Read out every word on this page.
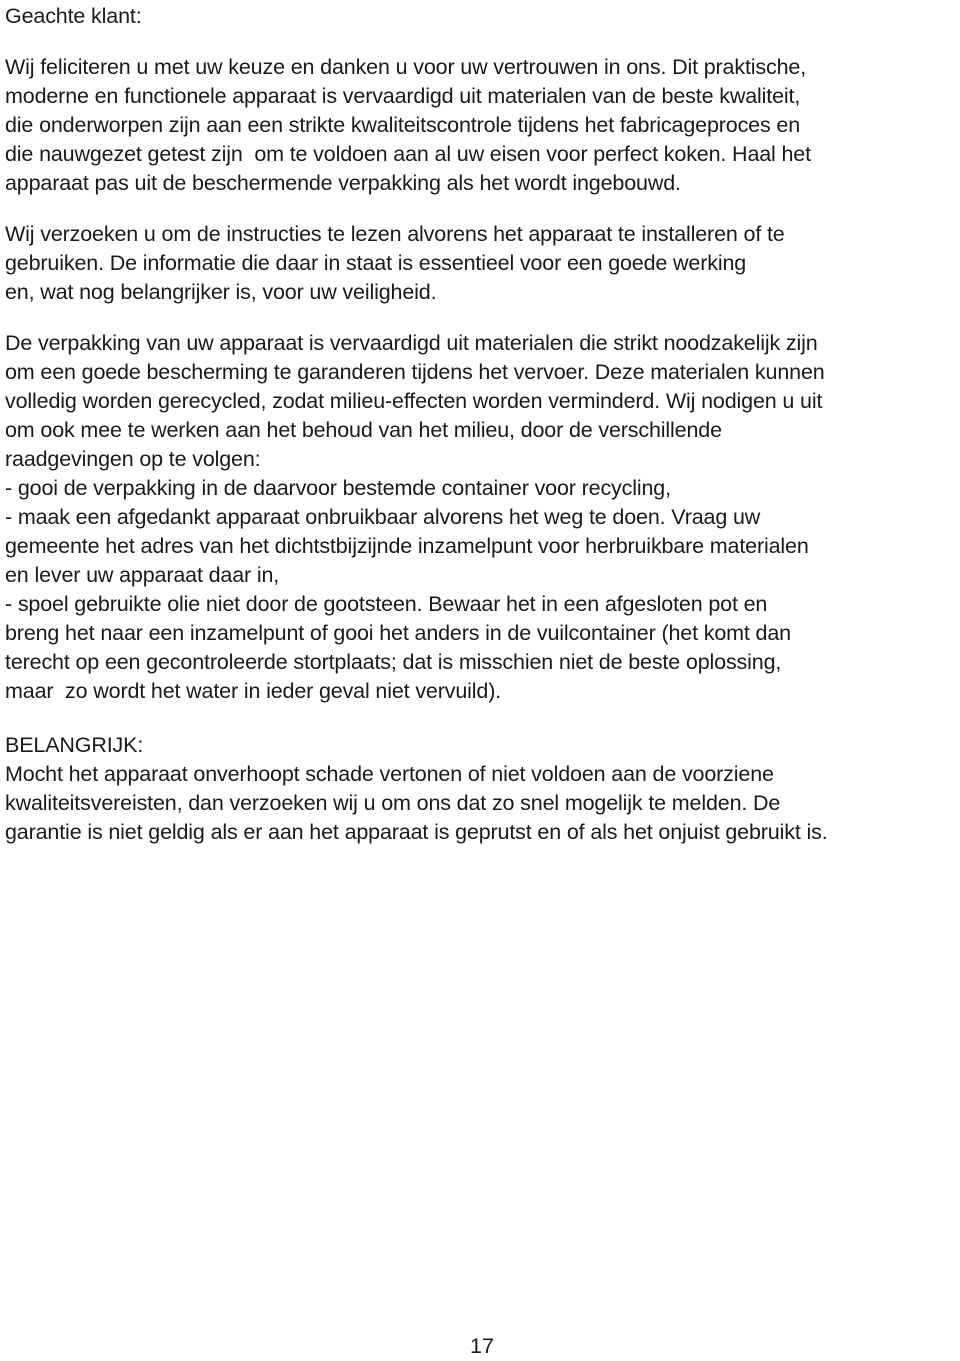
Geachte klant:
Wij feliciteren u met uw keuze en danken u voor uw vertrouwen in ons. Dit praktische,
moderne en functionele apparaat is vervaardigd uit materialen van de beste kwaliteit,
die onderworpen zijn aan een strikte kwaliteitscontrole tijdens het fabricageproces en
die nauwgezet getest zijn  om te voldoen aan al uw eisen voor perfect koken. Haal het
apparaat pas uit de beschermende verpakking als het wordt ingebouwd.
Wij verzoeken u om de instructies te lezen alvorens het apparaat te installeren of te
gebruiken. De informatie die daar in staat is essentieel voor een goede werking
en, wat nog belangrijker is, voor uw veiligheid.
De verpakking van uw apparaat is vervaardigd uit materialen die strikt noodzakelijk zijn
om een goede bescherming te garanderen tijdens het vervoer. Deze materialen kunnen
volledig worden gerecycled, zodat milieu-effecten worden verminderd. Wij nodigen u uit
om ook mee te werken aan het behoud van het milieu, door de verschillende
raadgevingen op te volgen:
- gooi de verpakking in de daarvoor bestemde container voor recycling,
- maak een afgedankt apparaat onbruikbaar alvorens het weg te doen. Vraag uw
gemeente het adres van het dichtstbijzijnde inzamelpunt voor herbruikbare materialen
en lever uw apparaat daar in,
- spoel gebruikte olie niet door de gootsteen. Bewaar het in een afgesloten pot en
breng het naar een inzamelpunt of gooi het anders in de vuilcontainer (het komt dan
terecht op een gecontroleerde stortplaats; dat is misschien niet de beste oplossing,
maar  zo wordt het water in ieder geval niet vervuild).
BELANGRIJK:
Mocht het apparaat onverhoopt schade vertonen of niet voldoen aan de voorziene
kwaliteitsvereisten, dan verzoeken wij u om ons dat zo snel mogelijk te melden. De
garantie is niet geldig als er aan het apparaat is geprutst en of als het onjuist gebruikt is.
17
